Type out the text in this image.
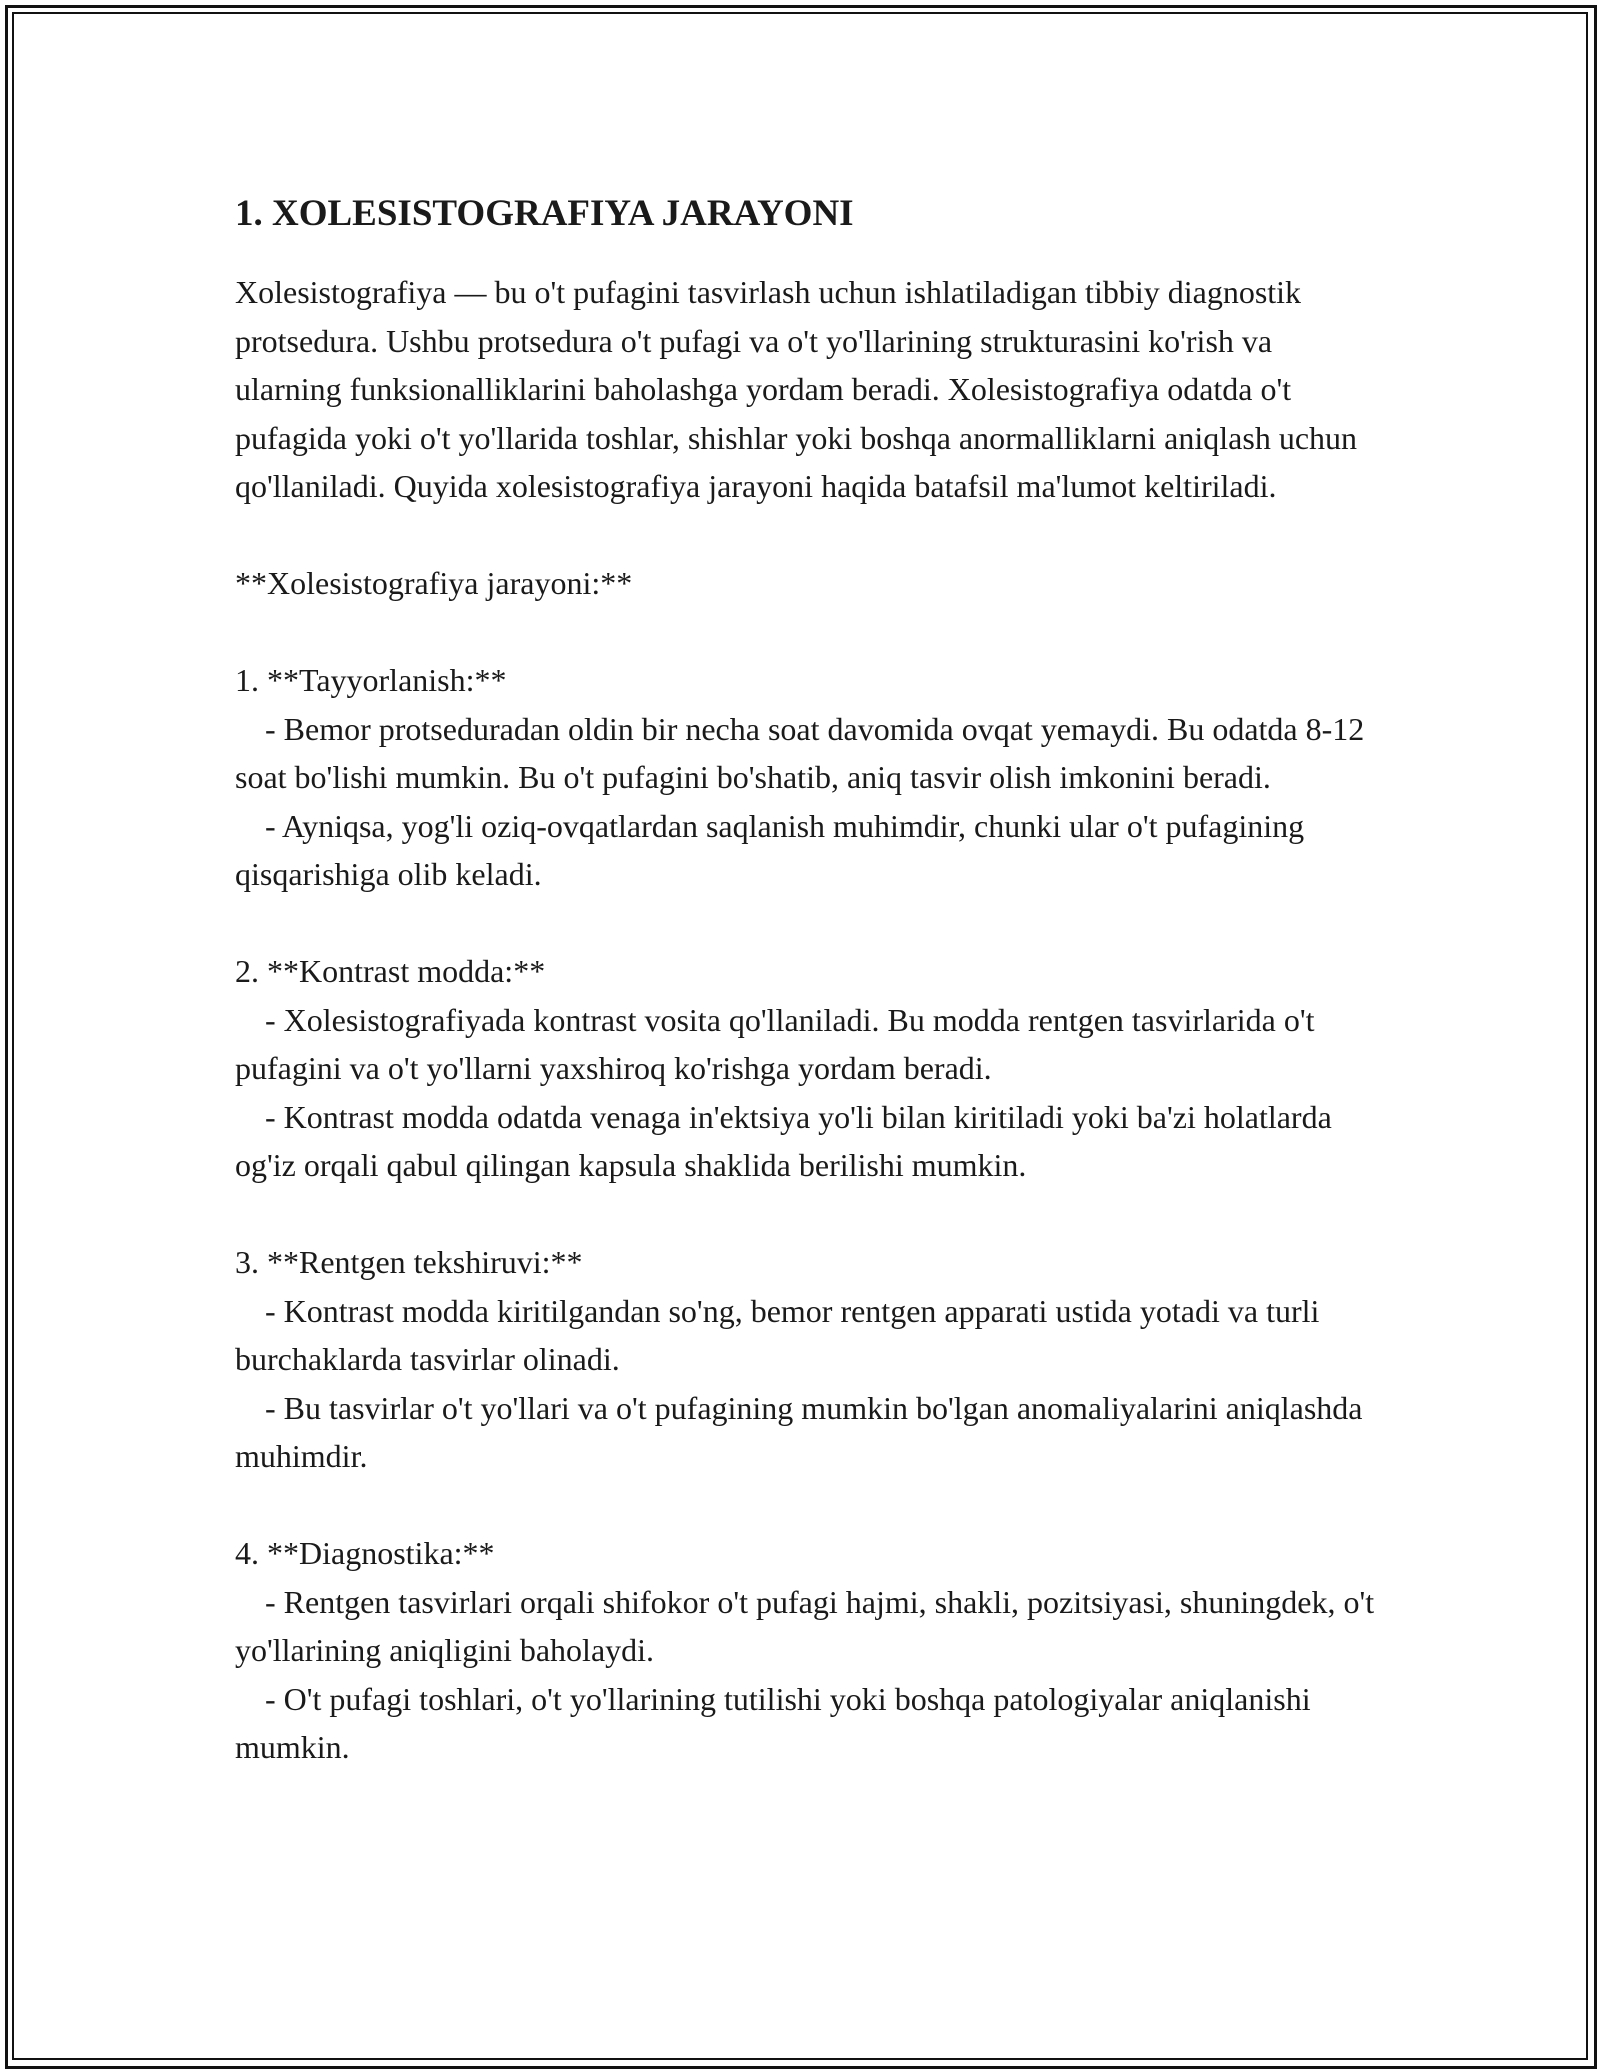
1. XOLESISTOGRAFIYA JARAYONI

Xolesistografiya — bu o't pufagini tasvirlash uchun ishlatiladigan tibbiy diagnostik protsedura. Ushbu protsedura o't pufagi va o't yo'llarining strukturasini ko'rish va ularning funksionalliklarini baholashga yordam beradi. Xolesistografiya odatda o't pufagida yoki o't yo'llarida toshlar, shishlar yoki boshqa anormalliklarni aniqlash uchun qo'llaniladi. Quyida xolesistografiya jarayoni haqida batafsil ma'lumot keltiriladi.

**Xolesistografiya jarayoni:**

1. **Tayyorlanish:**

- Bemor protseduradan oldin bir necha soat davomida ovqat yemaydi. Bu odatda 8-12 soat bo'lishi mumkin. Bu o't pufagini bo'shatib, aniq tasvir olish imkonini beradi.

- Ayniqsa, yog'li oziq-ovqatlardan saqlanish muhimdir, chunki ular o't pufagining qisqarishiga olib keladi.

2. **Kontrast modda:**

- Xolesistografiyada kontrast vosita qo'llaniladi. Bu modda rentgen tasvirlarida o't pufagini va o't yo'llarni yaxshiroq ko'rishga yordam beradi.

- Kontrast modda odatda venaga in'ektsiya yo'li bilan kiritiladi yoki ba'zi holatlarda og'iz orqali qabul qilingan kapsula shaklida berilishi mumkin.

3. **Rentgen tekshiruvi:**

- Kontrast modda kiritilgandan so'ng, bemor rentgen apparati ustida yotadi va turli burchaklarda tasvirlar olinadi.

- Bu tasvirlar o't yo'llari va o't pufagining mumkin bo'lgan anomaliyalarini aniqlashda muhimdir.

4. **Diagnostika:**

- Rentgen tasvirlari orqali shifokor o't pufagi hajmi, shakli, pozitsiyasi, shuningdek, o't yo'llarining aniqligini baholaydi.

- O't pufagi toshlari, o't yo'llarining tutilishi yoki boshqa patologiyalar aniqlanishi mumkin.
